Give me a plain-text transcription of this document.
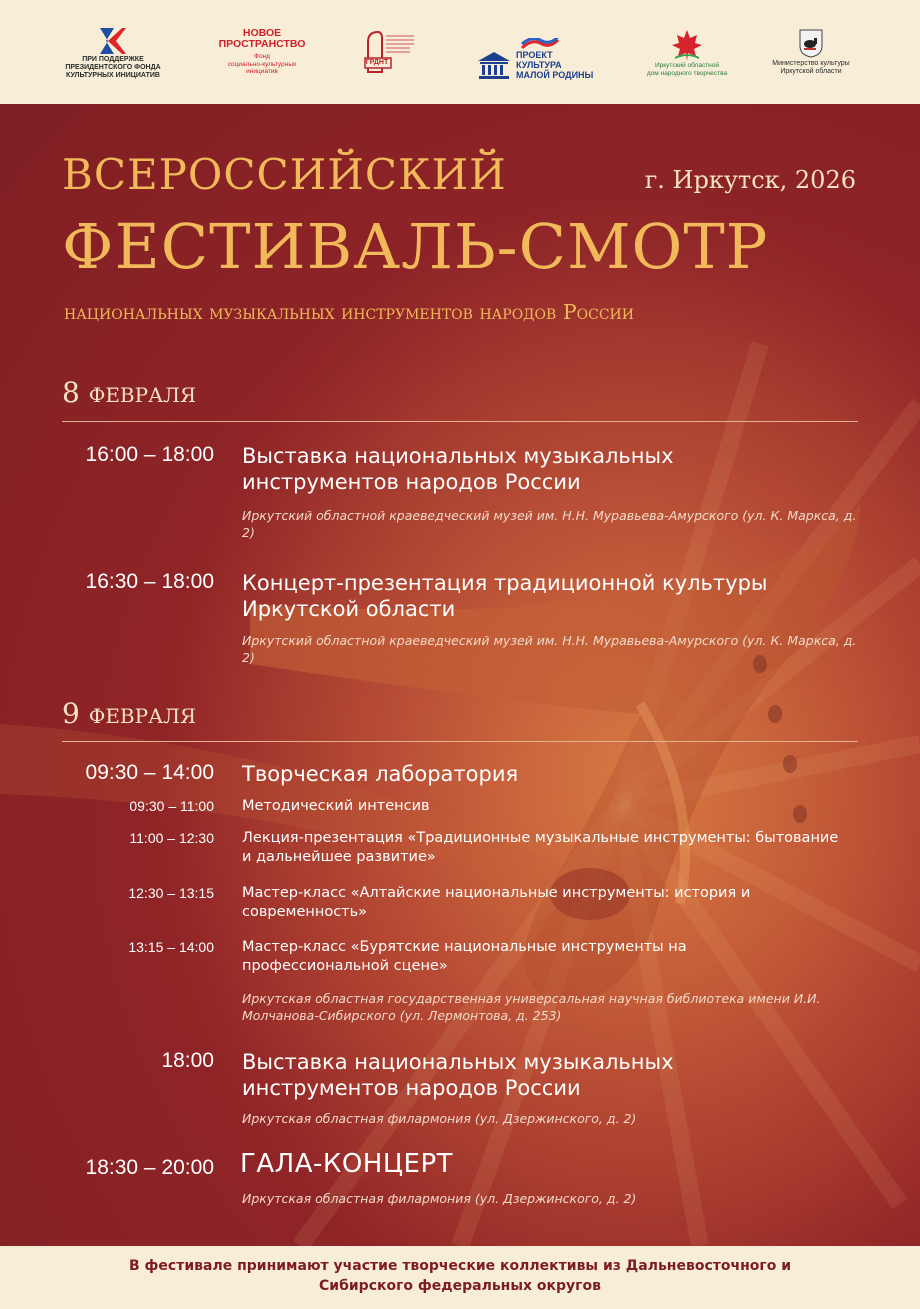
ПРИ ПОДДЕРЖКЕ
ПРЕЗИДЕНТСКОГО ФОНДА
КУЛЬТУРНЫХ ИНИЦИАТИВ
НОВОЕ
ПРОСТРАНСТВО
Фонд
социально-культурных
инициатив
ГРДНТ
ПРОЕКТ
КУЛЬТУРА
МАЛОЙ РОДИНЫ
Иркутский областной
дом народного творчества
Министерство культуры
Иркутской области
ВСЕРОССИЙСКИЙ	г. Иркутск, 2026
ФЕСТИВАЛЬ-СМОТР
национальных музыкальных инструментов народов России
8 февраля
16:00 – 18:00 Выставка национальных музыкальных инструментов народов России
Иркутский областной краеведческий музей им. Н.Н. Муравьева-Амурского (ул. К. Маркса, д. 2)
16:30 – 18:00 Концерт-презентация традиционной культуры Иркутской области
Иркутский областной краеведческий музей им. Н.Н. Муравьева-Амурского (ул. К. Маркса, д. 2)
9 февраля
09:30 – 14:00 Творческая лаборатория
09:30 – 11:00 Методический интенсив
11:00 – 12:30 Лекция-презентация «Традиционные музыкальные инструменты: бытование и дальнейшее развитие»
12:30 – 13:15 Мастер-класс «Алтайские национальные инструменты: история и современность»
13:15 – 14:00 Мастер-класс «Бурятские национальные инструменты на профессиональной сцене»
Иркутская областная государственная универсальная научная библиотека имени И.И. Молчанова-Сибирского (ул. Лермонтова, д. 253)
18:00 Выставка национальных музыкальных инструментов народов России
Иркутская областная филармония (ул. Дзержинского, д. 2)
18:30 – 20:00 ГАЛА-КОНЦЕРТ
Иркутская областная филармония (ул. Дзержинского, д. 2)
В фестивале принимают участие творческие коллективы из Дальневосточного и Сибирского федеральных округов
